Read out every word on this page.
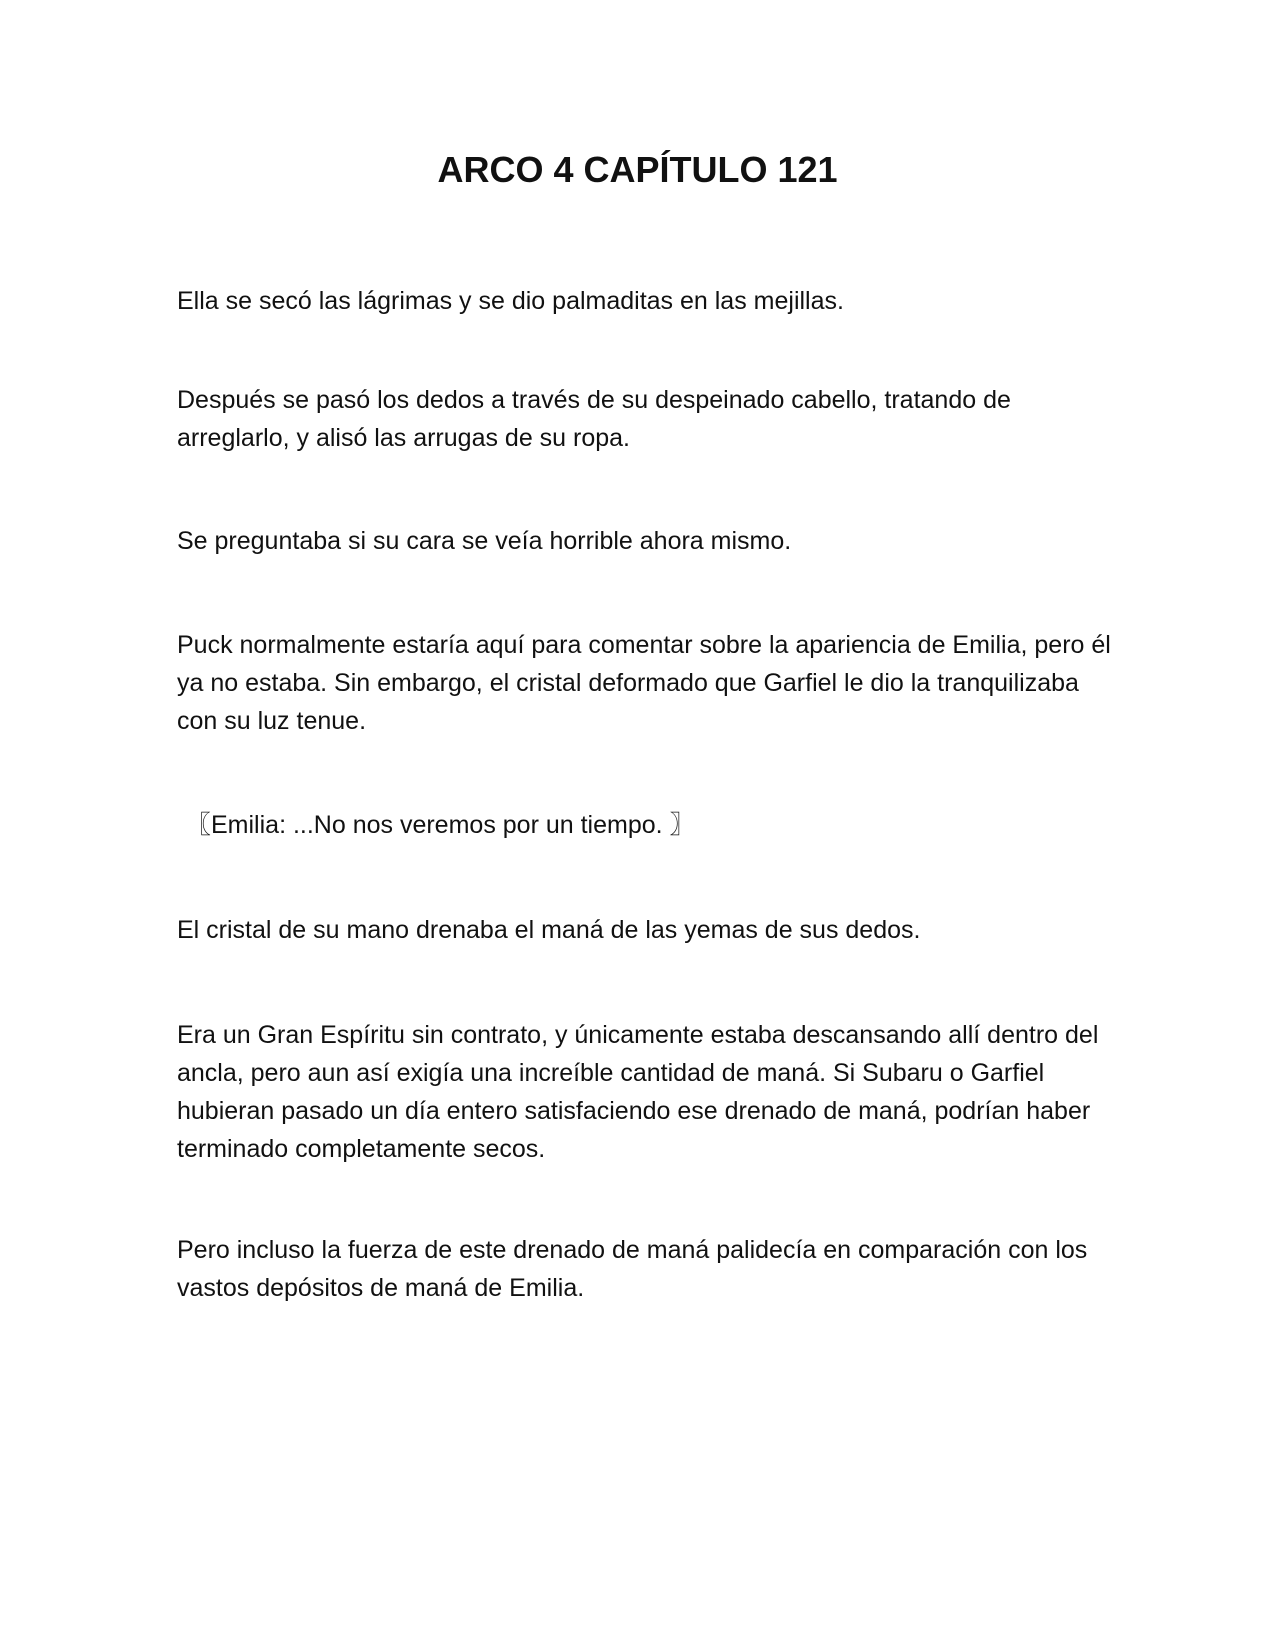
ARCO 4 CAPÍTULO 121

Ella se secó las lágrimas y se dio palmaditas en las mejillas.

Después se pasó los dedos a través de su despeinado cabello, tratando de arreglarlo, y alisó las arrugas de su ropa.

Se preguntaba si su cara se veía horrible ahora mismo.

Puck normalmente estaría aquí para comentar sobre la apariencia de Emilia, pero él ya no estaba. Sin embargo, el cristal deformado que Garfiel le dio la tranquilizaba con su luz tenue.

〖Emilia: ...No nos veremos por un tiempo. 〗

El cristal de su mano drenaba el maná de las yemas de sus dedos.

Era un Gran Espíritu sin contrato, y únicamente estaba descansando allí dentro del ancla, pero aun así exigía una increíble cantidad de maná. Si Subaru o Garfiel hubieran pasado un día entero satisfaciendo ese drenado de maná, podrían haber terminado completamente secos.

Pero incluso la fuerza de este drenado de maná palidecía en comparación con los vastos depósitos de maná de Emilia.
